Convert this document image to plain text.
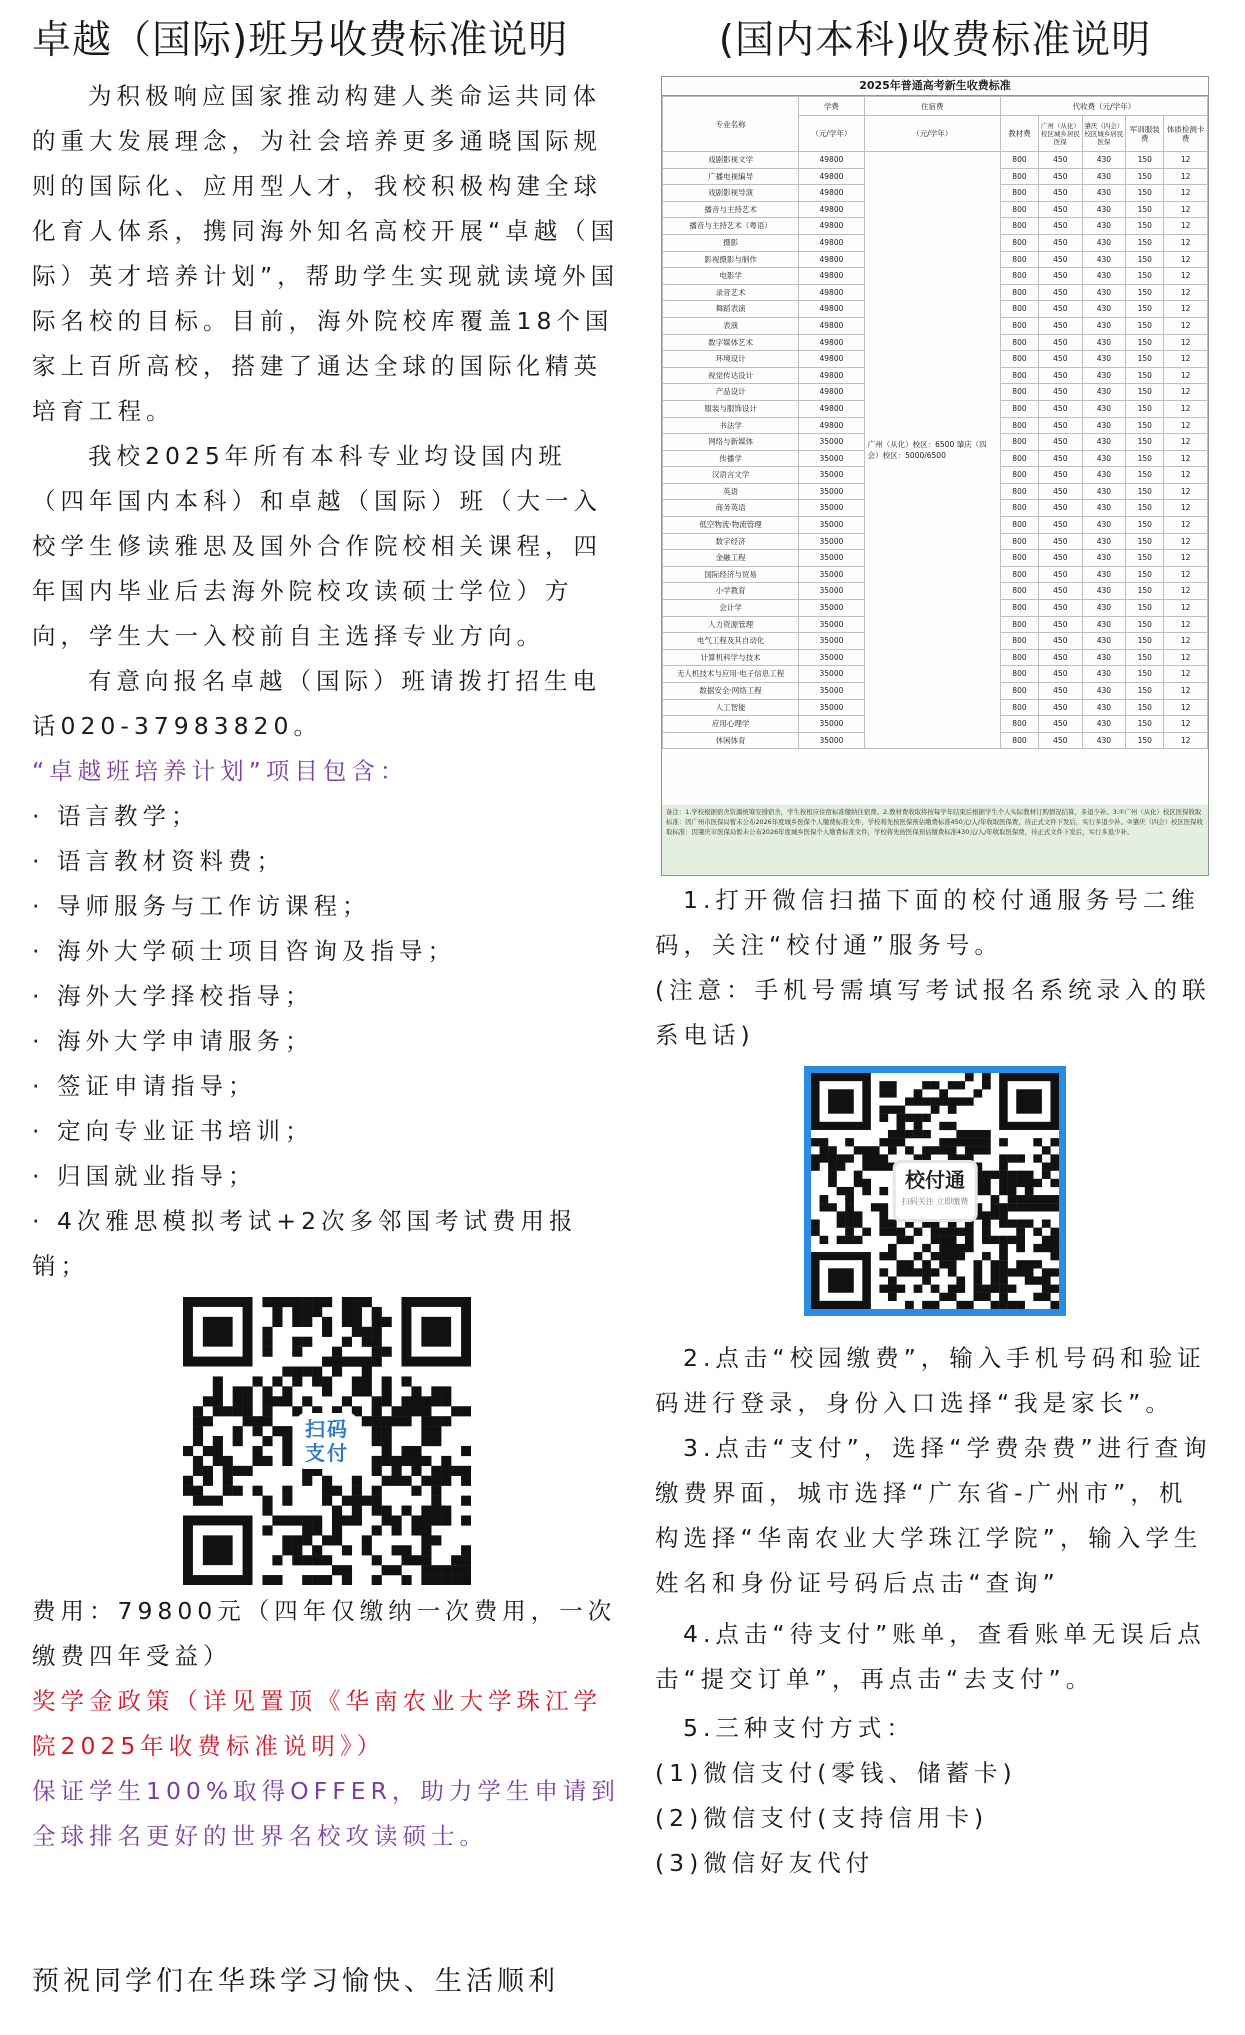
卓越（国际)班另收费标准说明

为积极响应国家推动构建人类命运共同体的重大发展理念，为社会培养更多通晓国际规则的国际化、应用型人才，我校积极构建全球化育人体系，携同海外知名高校开展“卓越（国际）英才培养计划”，帮助学生实现就读境外国际名校的目标。目前，海外院校库覆盖18个国家上百所高校，搭建了通达全球的国际化精英培育工程。

我校2025年所有本科专业均设国内班（四年国内本科）和卓越（国际）班（大一入校学生修读雅思及国外合作院校相关课程，四年国内毕业后去海外院校攻读硕士学位）方向，学生大一入校前自主选择专业方向。

有意向报名卓越（国际）班请拨打招生电话020-37983820。

“卓越班培养计划”项目包含：
· 语言教学；
· 语言教材资料费；
· 导师服务与工作访课程；
· 海外大学硕士项目咨询及指导；
· 海外大学择校指导；
· 海外大学申请服务；
· 签证申请指导；
· 定向专业证书培训；
· 归国就业指导；
· 4次雅思模拟考试+2次多邻国考试费用报销；
扫码
支付

费用：79800元（四年仅缴纳一次费用，一次缴费四年受益）

奖学金政策（详见置顶《华南农业大学珠江学院2025年收费标准说明》）

保证学生100%取得OFFER，助力学生申请到全球排名更好的世界名校攻读硕士。

(国内本科)收费标准说明
2025年普通高考新生收费标准
专业名称	学费	住宿费	代收费（元/学年）				
	（元/学年）	（元/学年）	教材费	广州（从化）校区城乡居民医保	肇庆（四会）校区城乡居民医保	军训服装费	体质检测卡费

戏剧影视文学	49800	广州（从化）校区：6500 肇庆（四会）校区：5000/6500	800	450	430	150	12
广播电视编导	49800		800	450	430	150	12
戏剧影视导演	49800		800	450	430	150	12
播音与主持艺术	49800		800	450	430	150	12
播音与主持艺术（粤语）	49800		800	450	430	150	12
摄影	49800		800	450	430	150	12
影视摄影与制作	49800		800	450	430	150	12
电影学	49800		800	450	430	150	12
录音艺术	49800		800	450	430	150	12
舞蹈表演	49800		800	450	430	150	12
表演	49800		800	450	430	150	12
数字媒体艺术	49800		800	450	430	150	12
环境设计	49800		800	450	430	150	12
视觉传达设计	49800		800	450	430	150	12
产品设计	49800		800	450	430	150	12
服装与服饰设计	49800		800	450	430	150	12
书法学	49800		800	450	430	150	12
网络与新媒体	35000		800	450	430	150	12
传播学	35000		800	450	430	150	12
汉语言文学	35000		800	450	430	150	12
英语	35000		800	450	430	150	12
商务英语	35000		800	450	430	150	12
低空物流·物流管理	35000		800	450	430	150	12
数字经济	35000		800	450	430	150	12
金融工程	35000		800	450	430	150	12
国际经济与贸易	35000		800	450	430	150	12
小学教育	35000		800	450	430	150	12
会计学	35000		800	450	430	150	12
人力资源管理	35000		800	450	430	150	12
电气工程及其自动化	35000		800	450	430	150	12
计算机科学与技术	35000		800	450	430	150	12
无人机技术与应用·电子信息工程	35000		800	450	430	150	12
数据安全·网络工程	35000		800	450	430	150	12
人工智能	35000		800	450	430	150	12
应用心理学	35000		800	450	430	150	12
休闲体育	35000		800	450	430	150	12
备注：1.学校根据宿舍资源统筹安排宿舍，学生按相应住宿标准缴纳住宿费。2.教材费收取将按每学年结束后根据学生个人实际教材订购情况结算，多退少补。3.①广州（从化）校区医保收取标准：因广州市医保局暂未公布2026年度城乡医保个人缴费标准文件，学校将先按医保预估缴费标准450元/人/年收取医保费，待正式文件下发后，实行多退少补。②肇庆（四会）校区医保收取标准：因肇庆市医保局暂未公布2026年度城乡医保个人缴费标准文件，学校将先按医保预估缴费标准430元/人/年收取医保费，待正式文件下发后，实行多退少补。

1.打开微信扫描下面的校付通服务号二维码，关注“校付通”服务号。

(注意：手机号需填写考试报名系统录入的联系电话)

校付通
扫码关注 立即缴费

2.点击“校园缴费”，输入手机号码和验证码进行登录，身份入口选择“我是家长”。

3.点击“支付”，选择“学费杂费”进行查询缴费界面，城市选择“广东省-广州市”，机构选择“华南农业大学珠江学院”，输入学生姓名和身份证号码后点击“查询”

4.点击“待支付”账单，查看账单无误后点击“提交订单”，再点击“去支付”。

5.三种支付方式：

(1)微信支付(零钱、储蓄卡)

(2)微信支付(支持信用卡)

(3)微信好友代付

预祝同学们在华珠学习愉快、生活顺利
